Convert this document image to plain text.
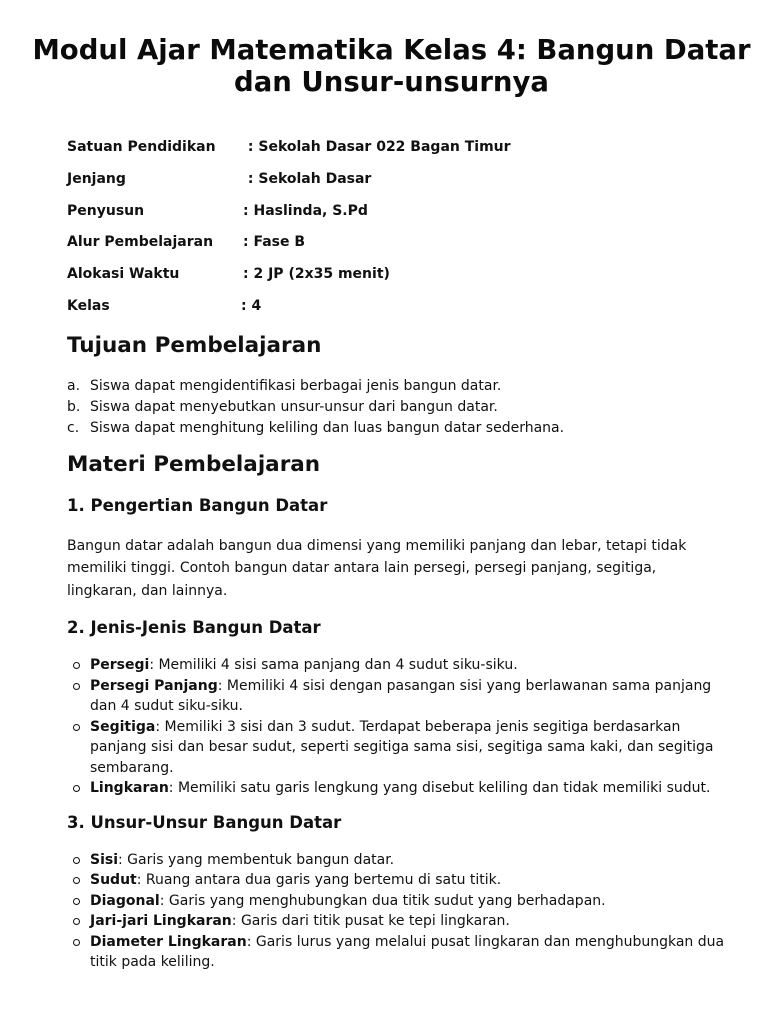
Modul Ajar Matematika Kelas 4: Bangun Datar dan Unsur-unsurnya
Satuan Pendidikan	: Sekolah Dasar 022 Bagan Timur
Jenjang	: Sekolah Dasar
Penyusun	: Haslinda, S.Pd
Alur Pembelajaran	: Fase B
Alokasi Waktu	: 2 JP (2x35 menit)
Kelas	: 4
Tujuan Pembelajaran
a. Siswa dapat mengidentifikasi berbagai jenis bangun datar.
b. Siswa dapat menyebutkan unsur-unsur dari bangun datar.
c. Siswa dapat menghitung keliling dan luas bangun datar sederhana.
Materi Pembelajaran
1. Pengertian Bangun Datar

Bangun datar adalah bangun dua dimensi yang memiliki panjang dan lebar, tetapi tidak memiliki tinggi. Contoh bangun datar antara lain persegi, persegi panjang, segitiga, lingkaran, dan lainnya.

2. Jenis-Jenis Bangun Datar
Persegi: Memiliki 4 sisi sama panjang dan 4 sudut siku-siku.
Persegi Panjang: Memiliki 4 sisi dengan pasangan sisi yang berlawanan sama panjang dan 4 sudut siku-siku.
Segitiga: Memiliki 3 sisi dan 3 sudut. Terdapat beberapa jenis segitiga berdasarkan panjang sisi dan besar sudut, seperti segitiga sama sisi, segitiga sama kaki, dan segitiga sembarang.
Lingkaran: Memiliki satu garis lengkung yang disebut keliling dan tidak memiliki sudut.
3. Unsur-Unsur Bangun Datar
Sisi: Garis yang membentuk bangun datar.
Sudut: Ruang antara dua garis yang bertemu di satu titik.
Diagonal: Garis yang menghubungkan dua titik sudut yang berhadapan.
Jari-jari Lingkaran: Garis dari titik pusat ke tepi lingkaran.
Diameter Lingkaran: Garis lurus yang melalui pusat lingkaran dan menghubungkan dua titik pada keliling.
